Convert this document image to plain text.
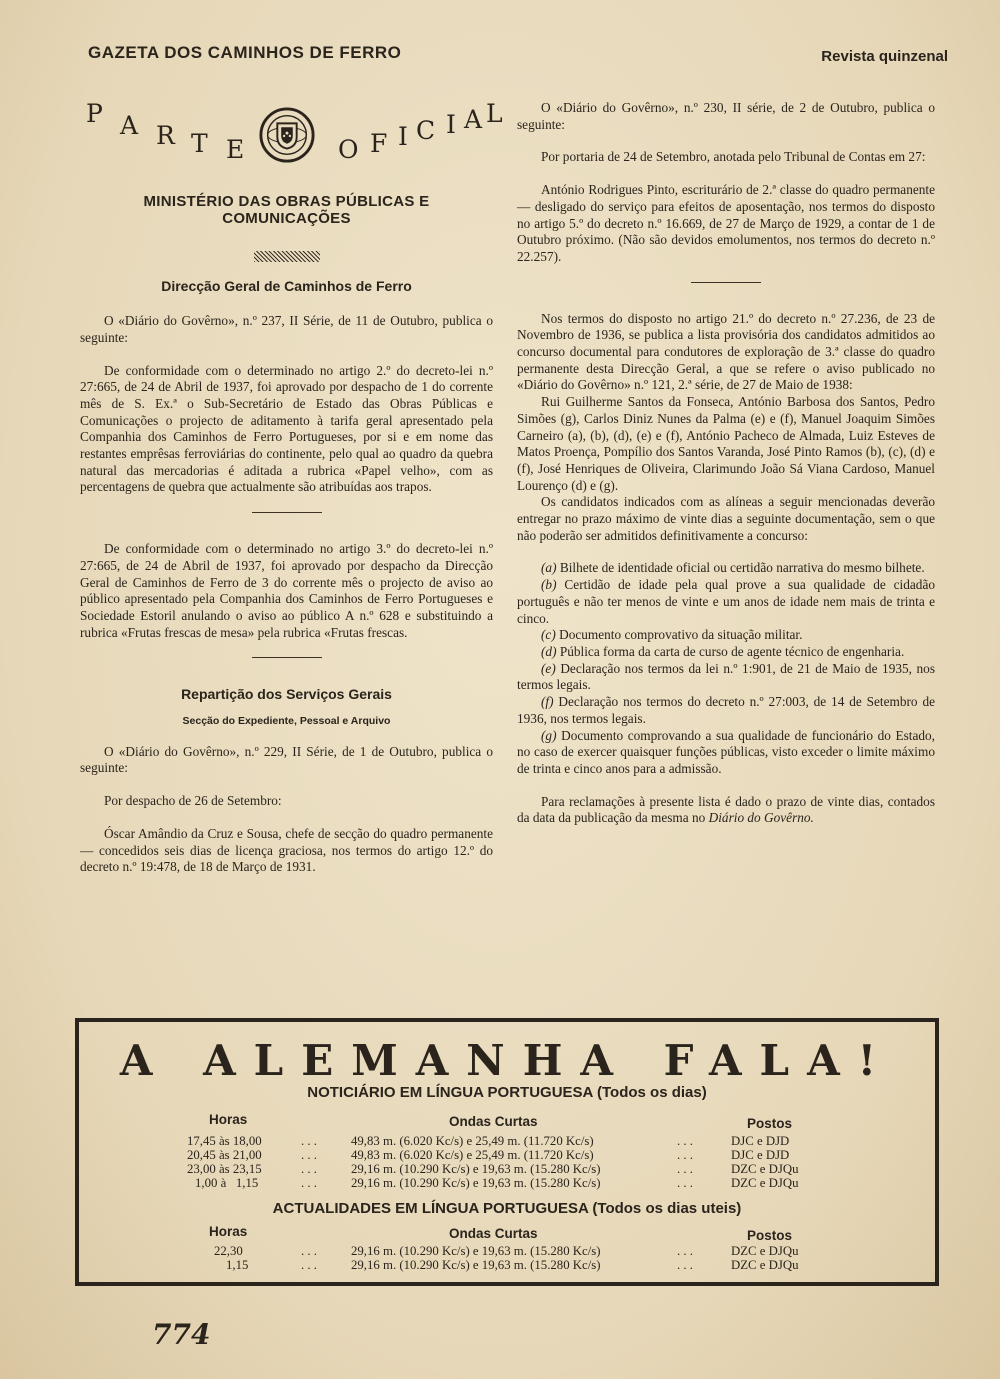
GAZETA DOS CAMINHOS DE FERRO	Revista quinzenal
P A R T E	O F I C I A L
MINISTÉRIO DAS OBRAS PÚBLICAS E COMUNICAÇÕES
Direcção Geral de Caminhos de Ferro

O «Diário do Govêrno», n.º 237, II Série, de 11 de Outubro, publica o seguinte:

De conformidade com o determinado no artigo 2.º do decreto-lei n.º 27:665, de 24 de Abril de 1937, foi aprovado por despacho de 1 do corrente mês de S. Ex.ª o Sub-Secretário de Estado das Obras Públicas e Comunicações o projecto de aditamento à tarifa geral apresentado pela Companhia dos Caminhos de Ferro Portugueses, por si e em nome das restantes emprêsas ferroviárias do continente, pelo qual ao quadro da quebra natural das mercadorias é aditada a rubrica «Papel velho», com as percentagens de quebra que actualmente são atribuídas aos trapos.

De conformidade com o determinado no artigo 3.º do decreto-lei n.º 27:665, de 24 de Abril de 1937, foi aprovado por despacho da Direcção Geral de Caminhos de Ferro de 3 do corrente mês o projecto de aviso ao público apresentado pela Companhia dos Caminhos de Ferro Portugueses e Sociedade Estoril anulando o aviso ao público A n.º 628 e substituindo a rubrica «Frutas frescas de mesa» pela rubrica «Frutas frescas.

Repartição dos Serviços Gerais
Secção do Expediente, Pessoal e Arquivo

O «Diário do Govêrno», n.º 229, II Série, de 1 de Outubro, publica o seguinte:

Por despacho de 26 de Setembro:

Óscar Amândio da Cruz e Sousa, chefe de secção do quadro permanente — concedidos seis dias de licença graciosa, nos termos do artigo 12.º do decreto n.º 19:478, de 18 de Março de 1931.

O «Diário do Govêrno», n.º 230, II série, de 2 de Outubro, publica o seguinte:

Por portaria de 24 de Setembro, anotada pelo Tribunal de Contas em 27:

António Rodrigues Pinto, escriturário de 2.ª classe do quadro permanente — desligado do serviço para efeitos de aposentação, nos termos do disposto no artigo 5.º do decreto n.º 16.669, de 27 de Março de 1929, a contar de 1 de Outubro próximo. (Não são devidos emolumentos, nos termos do decreto n.º 22.257).

Nos termos do disposto no artigo 21.º do decreto n.º 27.236, de 23 de Novembro de 1936, se publica a lista provisória dos candidatos admitidos ao concurso documental para condutores de exploração de 3.ª classe do quadro permanente desta Direcção Geral, a que se refere o aviso publicado no «Diário do Govêrno» n.º 121, 2.ª série, de 27 de Maio de 1938:

Rui Guilherme Santos da Fonseca, António Barbosa dos Santos, Pedro Simões (g), Carlos Diniz Nunes da Palma (e) e (f), Manuel Joaquim Simões Carneiro (a), (b), (d), (e) e (f), António Pacheco de Almada, Luiz Esteves de Matos Proença, Pompílio dos Santos Varanda, José Pinto Ramos (b), (c), (d) e (f), José Henriques de Oliveira, Clarimundo João Sá Viana Cardoso, Manuel Lourenço (d) e (g).

Os candidatos indicados com as alíneas a seguir mencionadas deverão entregar no prazo máximo de vinte dias a seguinte documentação, sem o que não poderão ser admitidos definitivamente a concurso:

(a) Bilhete de identidade oficial ou certidão narrativa do mesmo bilhete.

(b) Certidão de idade pela qual prove a sua qualidade de cidadão português e não ter menos de vinte e um anos de idade nem mais de trinta e cinco.

(c) Documento comprovativo da situação militar.

(d) Pública forma da carta de curso de agente técnico de engenharia.

(e) Declaração nos termos da lei n.º 1:901, de 21 de Maio de 1935, nos termos legais.

(f) Declaração nos termos do decreto n.º 27:003, de 14 de Setembro de 1936, nos termos legais.

(g) Documento comprovando a sua qualidade de funcionário do Estado, no caso de exercer quaisquer funções públicas, visto exceder o limite máximo de trinta e cinco anos para a admissão.

Para reclamações à presente lista é dado o prazo de vinte dias, contados da data da publicação da mesma no Diário do Govêrno.

A ALEMANHA FALA!
NOTICIÁRIO EM LÍNGUA PORTUGUESA (Todos os dias)
Horas	Ondas Curtas	Postos
17,45 às 18,00	. . .	49,83 m. (6.020 Kc/s) e 25,49 m. (11.720 Kc/s)	. . .	DJC e DJD
20,45 às 21,00	. . .	49,83 m. (6.020 Kc/s) e 25,49 m. (11.720 Kc/s)	. . .	DJC e DJD
23,00 às 23,15	. . .	29,16 m. (10.290 Kc/s) e 19,63 m. (15.280 Kc/s)	. . .	DZC e DJQu
1,00 à   1,15	. . .	29,16 m. (10.290 Kc/s) e 19,63 m. (15.280 Kc/s)	. . .	DZC e DJQu
ACTUALIDADES EM LÍNGUA PORTUGUESA (Todos os dias uteis)
Horas	Ondas Curtas	Postos
22,30	. . .	29,16 m. (10.290 Kc/s) e 19,63 m. (15.280 Kc/s)	. . .	DZC e DJQu
1,15	. . .	29,16 m. (10.290 Kc/s) e 19,63 m. (15.280 Kc/s)	. . .	DZC e DJQu
774
